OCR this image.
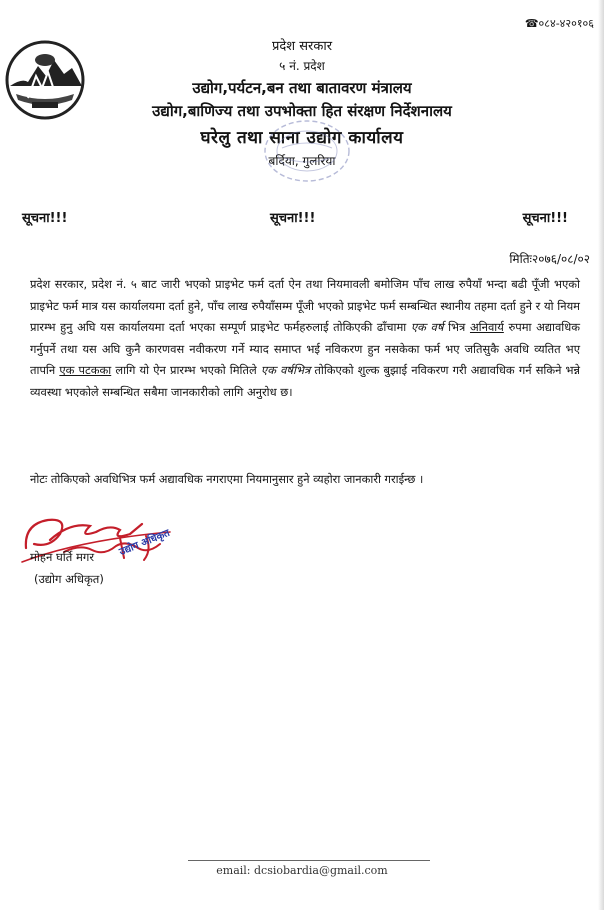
☎०८४-४२०१०६
प्रदेश सरकार
५ नं. प्रदेश
उद्योग,पर्यटन,बन तथा बातावरण मंत्रालय
उद्योग,बाणिज्य तथा उपभोक्ता हित संरक्षण निर्देशनालय
घरेलु तथा साना उद्योग कार्यालय
बर्दिया, गुलरिया
सूचना!!!	सूचना!!!	सूचना!!!
मितिः२०७६/०८/०२
प्रदेश सरकार, प्रदेश नं. ५ बाट जारी भएको प्राइभेट फर्म दर्ता ऐन तथा नियमावली बमोजिम पाँच लाख रुपैयाँ भन्दा बढी पूँजी भएको प्राइभेट फर्म मात्र यस कार्यालयमा दर्ता हुने, पाँच लाख रुपैयाँसम्म पूँजी भएको प्राइभेट फर्म सम्बन्धित स्थानीय तहमा दर्ता हुने र यो नियम प्रारम्भ हुनु अघि यस कार्यालयमा दर्ता भएका सम्पूर्ण प्राइभेट फर्महरुलाई तोकिएकी ढाँचामा एक वर्ष भित्र अनिवार्य रुपमा अद्यावधिक गर्नुपर्ने तथा यस अघि कुनै कारणवस नवीकरण गर्ने म्याद समाप्त भई नविकरण हुन नसकेका फर्म भए जतिसुकै अवधि व्यतित भए तापनि एक पटकका लागि यो ऐन प्रारम्भ भएको मितिले एक वर्षभित्र तोकिएको शुल्क बुझाई नविकरण गरी अद्यावधिक गर्न सकिने भन्ने व्यवस्था भएकोले सम्बन्धित सबैमा जानकारीको लागि अनुरोध छ।
नोटः तोकिएको अवधिभित्र फर्म अद्यावधिक नगराएमा नियमानुसार हुने व्यहोरा जानकारी गराईन्छ ।
मोहन घर्ति मगर उद्योग अधिकृत
(उद्योग अधिकृत)
email: dcsiobardia@gmail.com
